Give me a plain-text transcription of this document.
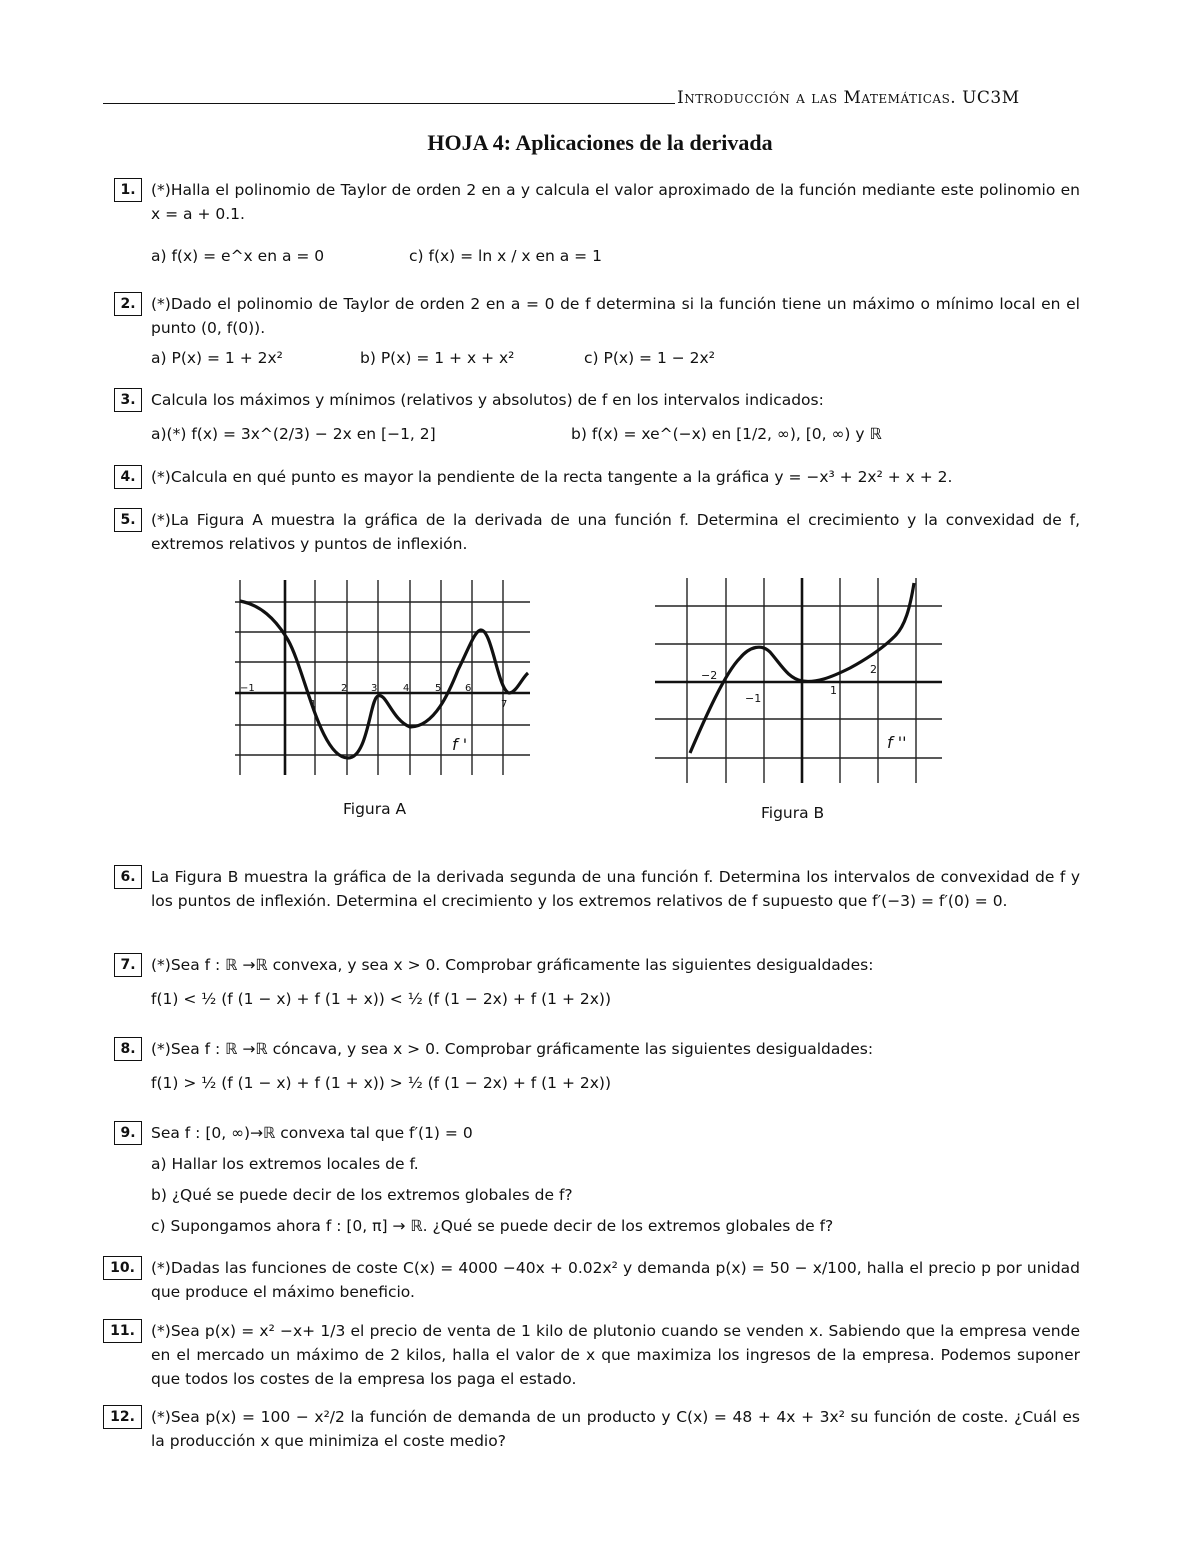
Introducción a las Matemáticas. UC3M
HOJA 4: Aplicaciones de la derivada
1. (*)Halla el polinomio de Taylor de orden 2 en a y calcula el valor aproximado de la función mediante este polinomio en x = a + 0.1.
a) f(x) = e^x en a = 0	c) f(x) = ln x / x en a = 1
2. (*)Dado el polinomio de Taylor de orden 2 en a = 0 de f determina si la función tiene un máximo o mínimo local en el punto (0, f(0)).
a) P(x) = 1 + 2x²	b) P(x) = 1 + x + x²	c) P(x) = 1 − 2x²
3. Calcula los máximos y mínimos (relativos y absolutos) de f en los intervalos indicados:
a)(*) f(x) = 3x^(2/3) − 2x en [−1, 2]	b) f(x) = xe^(−x) en [1/2, ∞), [0, ∞) y ℝ
4. (*)Calcula en qué punto es mayor la pendiente de la recta tangente a la gráfica y = −x³ + 2x² + x + 2.
5. (*)La Figura A muestra la gráfica de la derivada de una función f. Determina el crecimiento y la convexidad de f, extremos relativos y puntos de inflexión.
−1
1
2 3	4	5 6
7
f '
Figura A
−2
−1
1
2
f ''
Figura B
6. La Figura B muestra la gráfica de la derivada segunda de una función f. Determina los intervalos de convexidad de f y los puntos de inflexión. Determina el crecimiento y los extremos relativos de f supuesto que f′(−3) = f′(0) = 0.
7. (*)Sea f : ℝ →ℝ convexa, y sea x > 0. Comprobar gráficamente las siguientes desigualdades:
f(1) < ½ (f (1 − x) + f (1 + x)) < ½ (f (1 − 2x) + f (1 + 2x))
8. (*)Sea f : ℝ →ℝ cóncava, y sea x > 0. Comprobar gráficamente las siguientes desigualdades:
f(1) > ½ (f (1 − x) + f (1 + x)) > ½ (f (1 − 2x) + f (1 + 2x))
9. Sea f : [0, ∞)→ℝ convexa tal que f′(1) = 0
a) Hallar los extremos locales de f.
b) ¿Qué se puede decir de los extremos globales de f?
c) Supongamos ahora f : [0, π] → ℝ. ¿Qué se puede decir de los extremos globales de f?
10.	(*)Dadas las funciones de coste C(x) = 4000 −40x + 0.02x² y demanda p(x) = 50 − x/100, halla el precio p por unidad que produce el máximo beneficio.
11.	(*)Sea p(x) = x² −x+ 1/3 el precio de venta de 1 kilo de plutonio cuando se venden x. Sabiendo que la empresa vende en el mercado un máximo de 2 kilos, halla el valor de x que maximiza los ingresos de la empresa. Podemos suponer que todos los costes de la empresa los paga el estado.
12.	(*)Sea p(x) = 100 − x²/2 la función de demanda de un producto y C(x) = 48 + 4x + 3x² su función de coste. ¿Cuál es la producción x que minimiza el coste medio?
